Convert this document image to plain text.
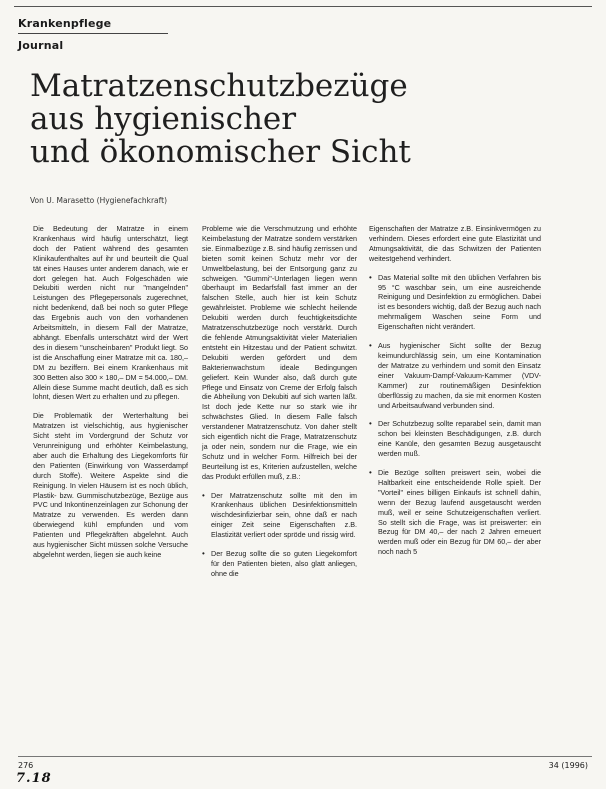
Krankenpflege
Journal
Matratzenschutzbezüge
aus hygienischer
und ökonomischer Sicht
Von U. Marasetto (Hygienefachkraft)

Die Bedeutung der Matratze in einem Krankenhaus wird häufig unterschätzt, liegt doch der Patient während des gesamten Klinikaufenthaltes auf ihr und beurteilt die Qual tät eines Hauses unter anderem danach, wie er dort gelegen hat. Auch Folgeschäden wie Dekubiti werden nicht nur "mangelnden" Leistungen des Pflegepersonals zugerechnet, nicht bedenkend, daß bei noch so guter Pflege das Ergebnis auch von den vorhandenen Arbeitsmitteln, in diesem Fall der Matratze, abhängt. Ebenfalls unterschätzt wird der Wert des in diesem "unscheinbaren" Produkt liegt. So ist die Anschaffung einer Matratze mit ca. 180,– DM zu beziffern. Bei einem Krankenhaus mit 300 Betten also 300 × 180,– DM = 54.000,– DM. Allein diese Summe macht deutlich, daß es sich lohnt, diesen Wert zu erhalten und zu pflegen.

Die Problematik der Werterhaltung bei Matratzen ist vielschichtig, aus hygienischer Sicht steht im Vordergrund der Schutz vor Verunreinigung und erhöhter Keimbelastung, aber auch die Erhaltung des Liegekomforts für den Patienten (Einwirkung von Wasserdampf durch Stoffe). Weitere Aspekte sind die Reinigung. In vielen Häusern ist es noch üblich, Plastik- bzw. Gummischutzbezüge, Bezüge aus PVC und Inkontinenzeinlagen zur Schonung der Matratze zu verwenden. Es werden dann überwiegend kühl empfunden und vom Patienten und Pflegekräften abgelehnt. Auch aus hygienischer Sicht müssen solche Versuche abgelehnt werden, liegen sie auch keine

Probleme wie die Verschmutzung und erhöhte Keimbelastung der Matratze sondern verstärken sie. Einmalbezüge z.B. sind häufig zerrissen und bieten somit keinen Schutz mehr vor der Umweltbelastung, bei der Entsorgung ganz zu schweigen. "Gummi"-Unterlagen liegen wenn überhaupt im Bedarfsfall fast immer an der falschen Stelle, auch hier ist kein Schutz gewährleistet. Probleme wie schlecht heilende Dekubiti werden durch feuchtigkeitsdichte Matratzenschutzbezüge noch verstärkt. Durch die fehlende Atmungsaktivität vieler Materialien entsteht ein Hitzestau und der Patient schwitzt. Dekubiti werden gefördert und dem Bakterienwachstum ideale Bedingungen geliefert. Kein Wunder also, daß durch gute Pflege und Einsatz von Creme der Erfolg falsch die Abheilung von Dekubiti auf sich warten läßt. Ist doch jede Kette nur so stark wie ihr schwächstes Glied. In diesem Falle falsch verstandener Matratzenschutz. Von daher stellt sich eigentlich nicht die Frage, Matratzenschutz ja oder nein, sondern nur die Frage, wie ein Schutz und in welcher Form. Hilfreich bei der Beurteilung ist es, Kriterien aufzustellen, welche das Produkt erfüllen muß, z.B.:

• Der Matratzenschutz sollte mit den im Krankenhaus üblichen Desinfektionsmitteln wischdesinfizierbar sein, ohne daß er nach einiger Zeit seine Eigenschaften z.B. Elastizität verliert oder spröde und rissig wird.
• Der Bezug sollte die so guten Liegekomfort für den Patienten bieten, also glatt anliegen, ohne die

Eigenschaften der Matratze z.B. Einsinkvermögen zu verhindern. Dieses erfordert eine gute Elastizität und Atmungsaktivität, die das Schwitzen der Patienten weitestgehend verhindert.

• Das Material sollte mit den üblichen Verfahren bis 95 °C waschbar sein, um eine ausreichende Reinigung und Desinfektion zu ermöglichen. Dabei ist es besonders wichtig, daß der Bezug auch nach mehrmaligem Waschen seine Form und Eigenschaften nicht verändert.
• Aus hygienischer Sicht sollte der Bezug keimundurchlässig sein, um eine Kontamination der Matratze zu verhindern und somit den Einsatz einer Vakuum-Dampf-Vakuum-Kammer (VDV-Kammer) zur routinemäßigen Desinfektion überflüssig zu machen, da sie mit enormen Kosten und Arbeitsaufwand verbunden sind.
• Der Schutzbezug sollte reparabel sein, damit man schon bei kleinsten Beschädigungen, z.B. durch eine Kanüle, den gesamten Bezug ausgetauscht werden muß.
• Die Bezüge sollten preiswert sein, wobei die Haltbarkeit eine entscheidende Rolle spielt. Der "Vorteil" eines billigen Einkaufs ist schnell dahin, wenn der Bezug laufend ausgetauscht werden muß, weil er seine Schutzeigenschaften verliert. So stellt sich die Frage, was ist preiswerter: ein Bezug für DM 40,– der nach 2 Jahren erneuert werden muß oder ein Bezug für DM 60,– der aber noch nach 5
276	34 (1996)
7.18
